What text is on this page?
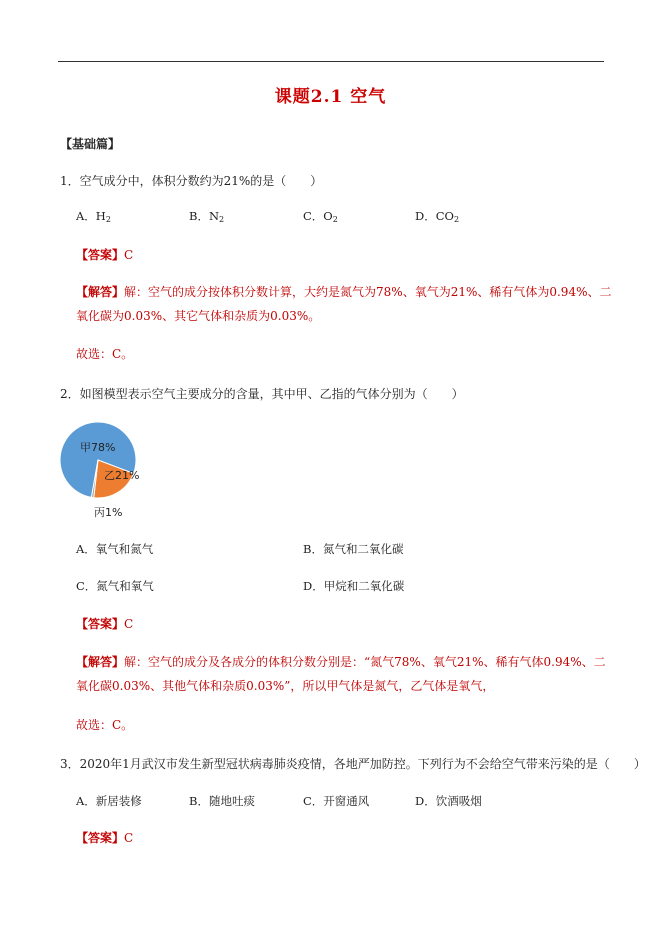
课题2.1 空气
【基础篇】
1．空气成分中，体积分数约为21%的是（　　）
A．$H_2$	B．$N_2$	C．$O_2$	D．$CO_2$
【答案】C
【解答】解：空气的成分按体积分数计算，大约是氮气为78%、氧气为21%、稀有气体为0.94%、二氧化碳为0.03%、其它气体和杂质为0.03%。
故选：C。
2．如图模型表示空气主要成分的含量，其中甲、乙指的气体分别为（　　）
甲78%
乙21%
丙1%
A．氧气和氮气	B．氮气和二氧化碳
C．氮气和氧气	D．甲烷和二氧化碳
【答案】C
【解答】解：空气的成分及各成分的体积分数分别是：“氮气78%、氧气21%、稀有气体0.94%、二氧化碳0.03%、其他气体和杂质0.03%”，所以甲气体是氮气，乙气体是氧气，
故选：C。
3．2020年1月武汉市发生新型冠状病毒肺炎疫情，各地严加防控。下列行为不会给空气带来污染的是（　　）
A．新居装修	B．随地吐痰	C．开窗通风	D．饮酒吸烟
【答案】C
